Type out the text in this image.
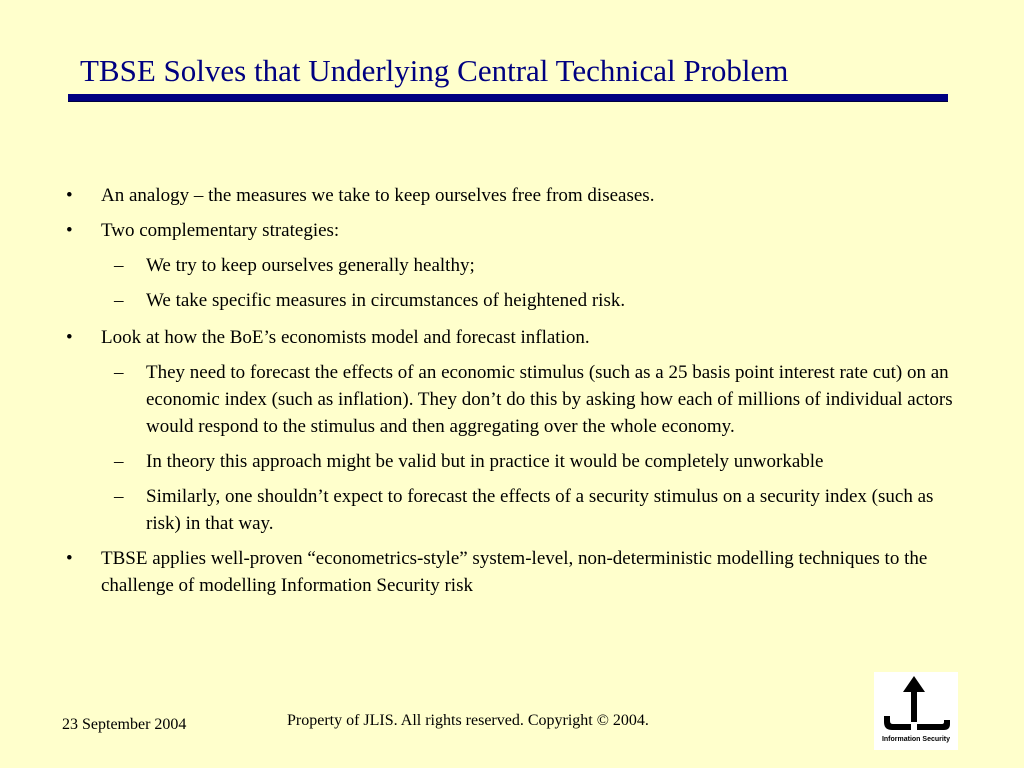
TBSE Solves that Underlying Central Technical Problem
• An analogy – the measures we take to keep ourselves free from diseases.
• Two complementary strategies:
– We try to keep ourselves generally healthy;
– We take specific measures in circumstances of heightened risk.
• Look at how the BoE’s economists model and forecast inflation.
– They need to forecast the effects of an economic stimulus (such as a 25 basis point interest rate cut) on an economic index (such as inflation). They don’t do this by asking how each of millions of individual actors would respond to the stimulus and then aggregating over the whole economy.
– In theory this approach might be valid but in practice it would be completely unworkable
– Similarly, one shouldn’t expect to forecast the effects of a security stimulus on a security index (such as risk) in that way.
• TBSE applies well-proven “econometrics-style” system-level, non-deterministic modelling techniques to the challenge of modelling Information Security risk
23 September 2004	Property of JLIS. All rights reserved. Copyright © 2004.
Information Security
